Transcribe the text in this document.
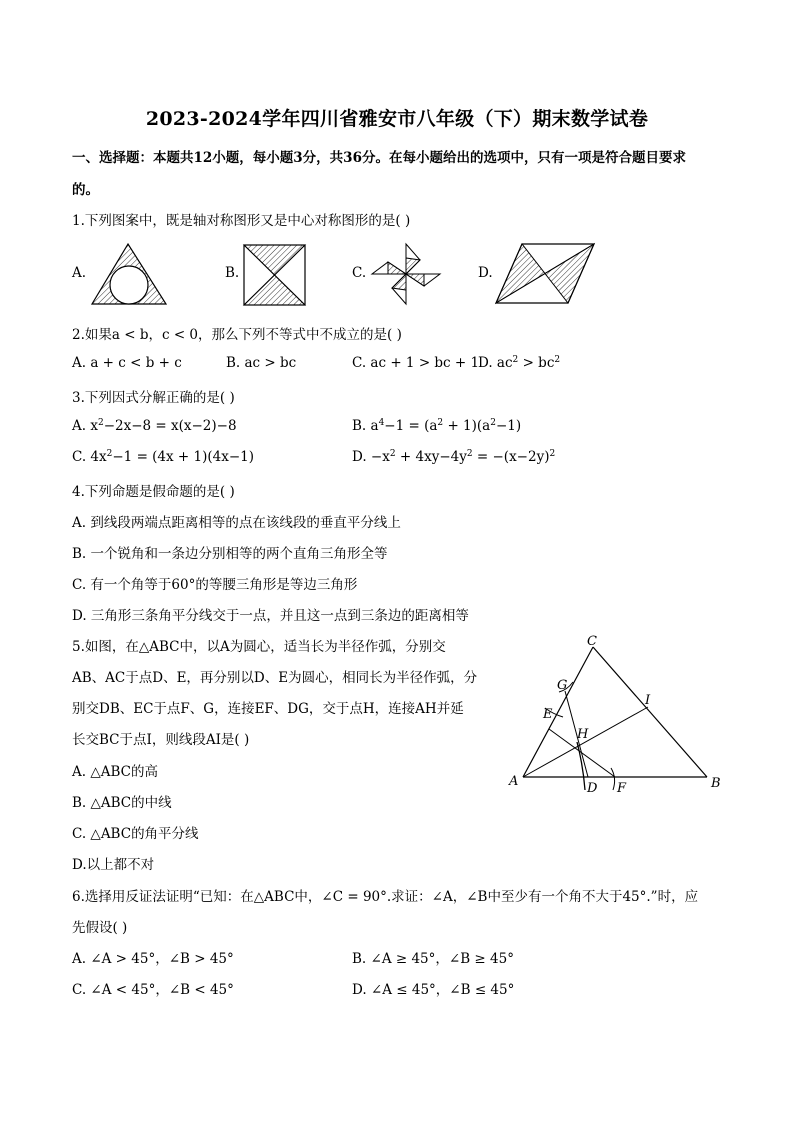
2023-2024学年四川省雅安市八年级（下）期末数学试卷
一、选择题：本题共12小题，每小题3分，共36分。在每小题给出的选项中，只有一项是符合题目要求
的。
1.下列图案中，既是轴对称图形又是中心对称图形的是( )
A.	B.	C.	D.
2.如果a < b，c < 0，那么下列不等式中不成立的是( )
A. a + c < b + c	B. ac > bc	C. ac + 1 > bc + 1
D. $ac^2 > bc^2$
3.下列因式分解正确的是( )
A. $x^2-2x-8 = x(x-2)-8$	B. $a^4-1 = (a^2 + 1)(a^2-1)$
C. $4x^2-1 = (4x + 1)(4x-1)$	D. $-x^2 + 4xy-4y^2 = -(x-2y)^2$
4.下列命题是假命题的是( )
A. 到线段两端点距离相等的点在该线段的垂直平分线上
B. 一个锐角和一条边分别相等的两个直角三角形全等
C. 有一个角等于60°的等腰三角形是等边三角形
D. 三角形三条角平分线交于一点，并且这一点到三条边的距离相等
5.如图，在△ABC中，以A为圆心，适当长为半径作弧，分别交
AB、AC于点D、E，再分别以D、E为圆心，相同长为半径作弧，分
别交DB、EC于点F、G，连接EF、DG，交于点H，连接AH并延
长交BC于点I，则线段AI是( )
A. △ABC的高
B. △ABC的中线
C. △ABC的角平分线
D.以上都不对
A	B
C
D
E
F
G
H
I
6.选择用反证法证明“已知：在△ABC中，∠C = 90°.求证：∠A，∠B中至少有一个角不大于45°.”时，应
先假设( )
A. ∠A > 45°，∠B > 45°	B. ∠A ≥ 45°，∠B ≥ 45°
C. ∠A < 45°，∠B < 45°	D. ∠A ≤ 45°，∠B ≤ 45°
